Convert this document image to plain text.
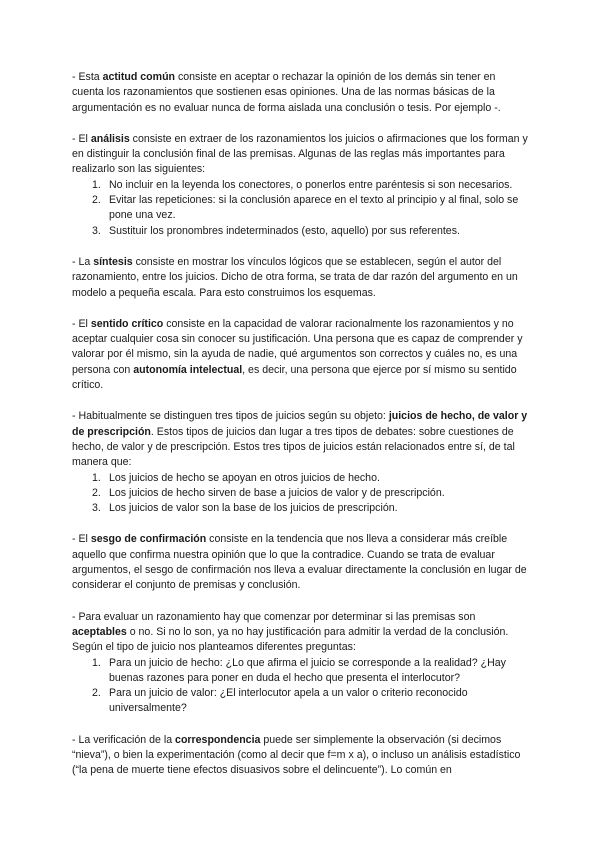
- Esta actitud común consiste en aceptar o rechazar la opinión de los demás sin tener en cuenta los razonamientos que sostienen esas opiniones. Una de las normas básicas de la argumentación es no evaluar nunca de forma aislada una conclusión o tesis. Por ejemplo -.

- El análisis consiste en extraer de los razonamientos los juicios o afirmaciones que los forman y en distinguir la conclusión final de las premisas. Algunas de las reglas más importantes para realizarlo son las siguientes:
1. No incluir en la leyenda los conectores, o ponerlos entre paréntesis si son necesarios.
2. Evitar las repeticiones: si la conclusión aparece en el texto al principio y al final, solo se pone una vez.
3. Sustituir los pronombres indeterminados (esto, aquello) por sus referentes.

- La síntesis consiste en mostrar los vínculos lógicos que se establecen, según el autor del razonamiento, entre los juicios. Dicho de otra forma, se trata de dar razón del argumento en un modelo a pequeña escala. Para esto construimos los esquemas.

- El sentido crítico consiste en la capacidad de valorar racionalmente los razonamientos y no aceptar cualquier cosa sin conocer su justificación. Una persona que es capaz de comprender y valorar por él mismo, sin la ayuda de nadie, qué argumentos son correctos y cuáles no, es una persona con autonomía intelectual, es decir, una persona que ejerce por sí mismo su sentido crítico.

- Habitualmente se distinguen tres tipos de juicios según su objeto: juicios de hecho, de valor y de prescripción. Estos tipos de juicios dan lugar a tres tipos de debates: sobre cuestiones de hecho, de valor y de prescripción. Estos tres tipos de juicios están relacionados entre sí, de tal manera que:
1. Los juicios de hecho se apoyan en otros juicios de hecho.
2. Los juicios de hecho sirven de base a juicios de valor y de prescripción.
3. Los juicios de valor son la base de los juicios de prescripción.

- El sesgo de confirmación consiste en la tendencia que nos lleva a considerar más creíble aquello que confirma nuestra opinión que lo que la contradice. Cuando se trata de evaluar argumentos, el sesgo de confirmación nos lleva a evaluar directamente la conclusión en lugar de considerar el conjunto de premisas y conclusión.

- Para evaluar un razonamiento hay que comenzar por determinar si las premisas son aceptables o no. Si no lo son, ya no hay justificación para admitir la verdad de la conclusión. Según el tipo de juicio nos planteamos diferentes preguntas:
1. Para un juicio de hecho: ¿Lo que afirma el juicio se corresponde a la realidad? ¿Hay buenas razones para poner en duda el hecho que presenta el interlocutor?
2. Para un juicio de valor: ¿El interlocutor apela a un valor o criterio reconocido universalmente?

- La verificación de la correspondencia puede ser simplemente la observación (si decimos “nieva”), o bien la experimentación (como al decir que f=m x a), o incluso un análisis estadístico (“la pena de muerte tiene efectos disuasivos sobre el delincuente”). Lo común en
